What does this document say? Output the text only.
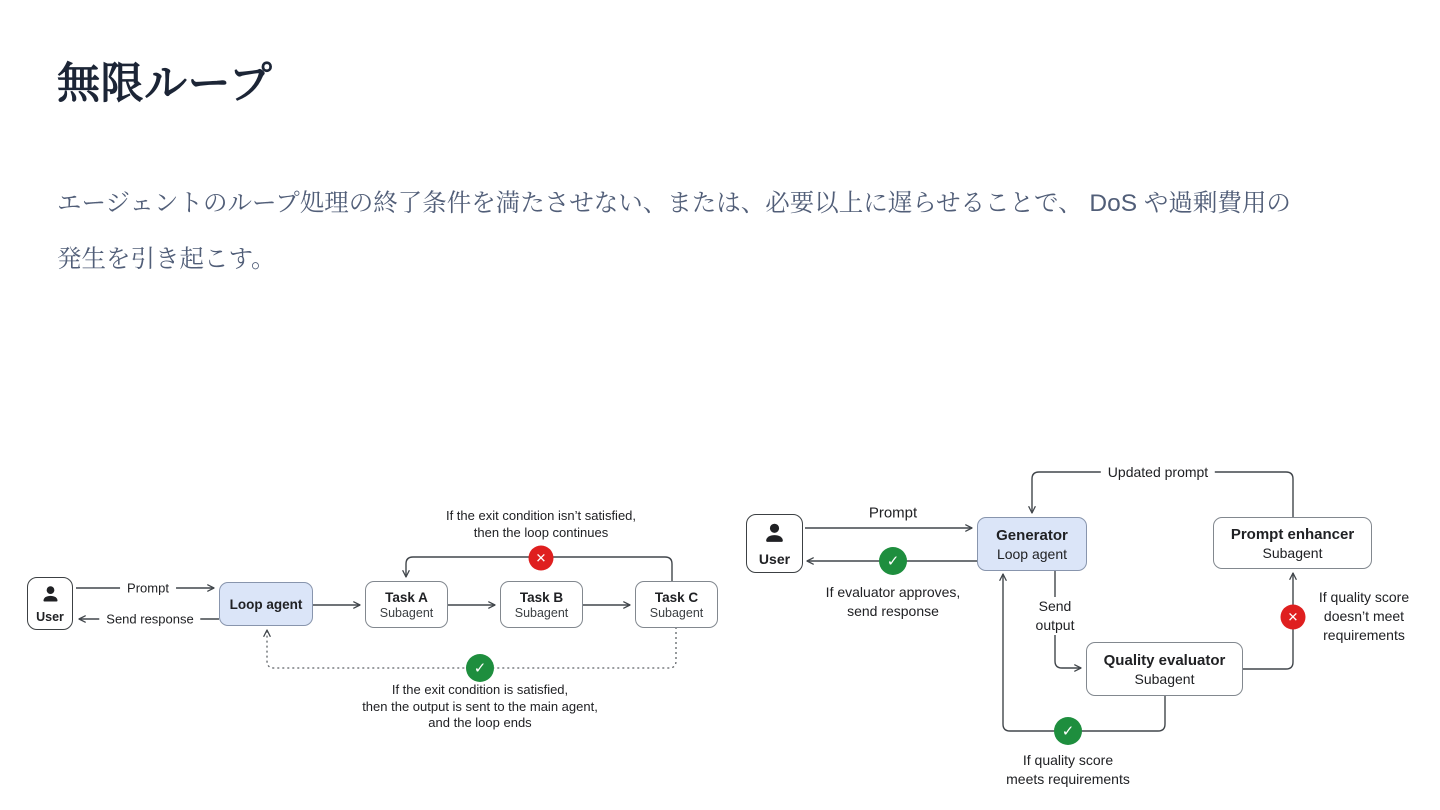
無限ループ

エージェントのループ処理の終了条件を満たさせない、または、必要以上に遅らせることで、 DoS や過剰費用の
発生を引き起こす。

User
Prompt
Send response
Loop agent	Task A
Subagent
Task B
Subagent
Task C
Subagent
If the exit condition isn’t satisfied,
then the loop continues
✕
✓
If the exit condition is satisfied,
then the output is sent to the main agent,
and the loop ends
User
Prompt
✓
If evaluator approves,
send response
Generator
Loop agent
Updated prompt
Prompt enhancer
Subagent
Send
output
Quality evaluator
Subagent
✕
If quality score
doesn’t meet
requirements
✓
If quality score
meets requirements
